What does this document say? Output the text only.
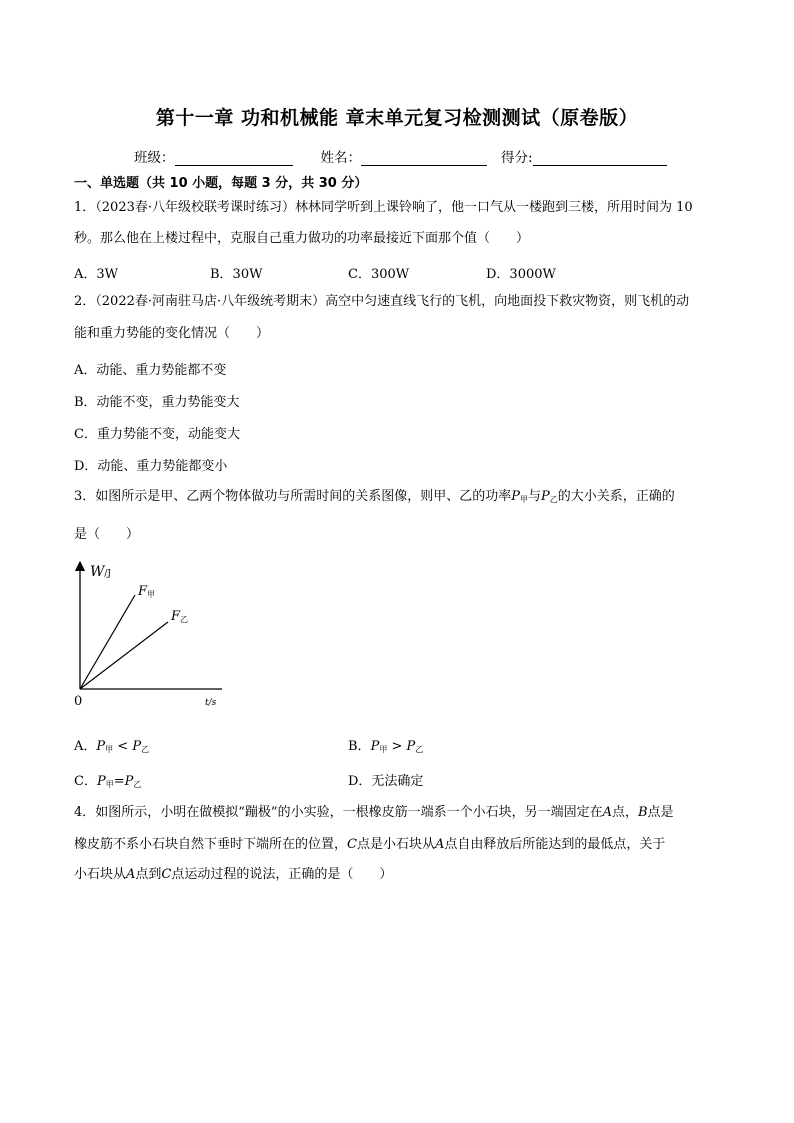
第十一章 功和机械能 章末单元复习检测测试（原卷版）
班级：	姓名：	得分:
一、单选题（共 10 小题，每题 3 分，共 30 分）
1．（2023春·八年级校联考课时练习）林林同学听到上课铃响了，他一口气从一楼跑到三楼，所用时间为 10
秒。那么他在上楼过程中，克服自己重力做功的功率最接近下面那个值（　　）
A．3W	B．30W	C．300W	D．3000W
2．（2022春·河南驻马店·八年级统考期末）高空中匀速直线飞行的飞机，向地面投下救灾物资，则飞机的动
能和重力势能的变化情况（　　）
A．动能、重力势能都不变
B．动能不变，重力势能变大
C．重力势能不变，动能变大
D．动能、重力势能都变小
3．如图所示是甲、乙两个物体做功与所需时间的关系图像，则甲、乙的功率$P_甲$与$P_乙$的大小关系，正确的
是（　　）
W/J
F甲
F乙
0	t/s
A．$P_甲 < P_乙$	B．$P_甲 > P_乙$
C．$P_甲=P_乙$	D．无法确定
4．如图所示，小明在做模拟“蹦极”的小实验，一根橡皮筋一端系一个小石块，另一端固定在A点，B点是
橡皮筋不系小石块自然下垂时下端所在的位置，C点是小石块从A点自由释放后所能达到的最低点，关于
小石块从A点到C点运动过程的说法，正确的是（　　）
